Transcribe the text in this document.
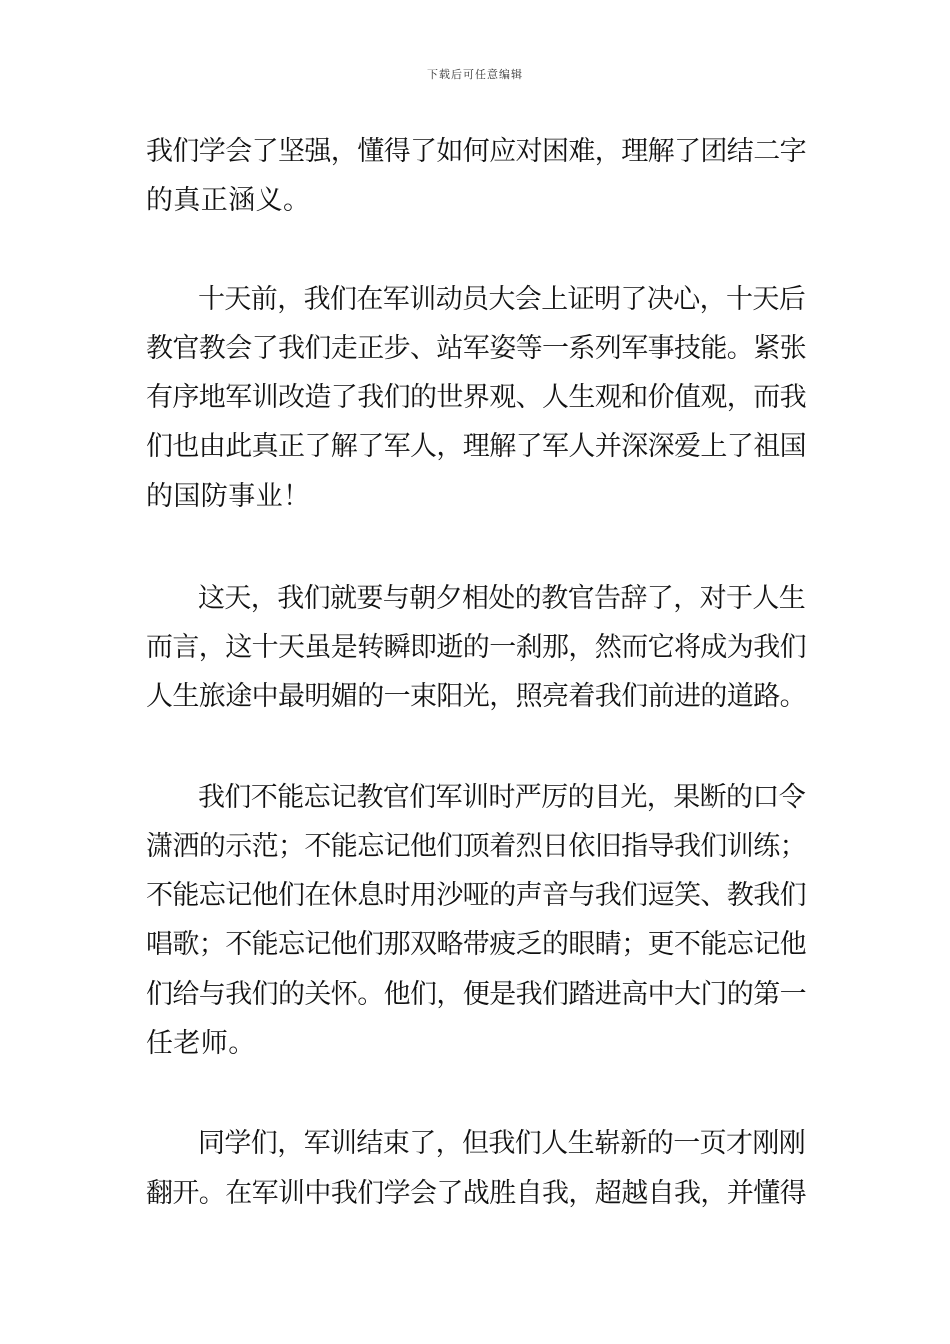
下载后可任意编辑
我们学会了坚强，懂得了如何应对困难，理解了团结二字
的真正涵义。
十天前，我们在军训动员大会上证明了决心，十天后
教官教会了我们走正步、站军姿等一系列军事技能。紧张
有序地军训改造了我们的世界观、人生观和价值观，而我
们也由此真正了解了军人，理解了军人并深深爱上了祖国
的国防事业！
这天，我们就要与朝夕相处的教官告辞了，对于人生
而言，这十天虽是转瞬即逝的一刹那，然而它将成为我们
人生旅途中最明媚的一束阳光，照亮着我们前进的道路。
我们不能忘记教官们军训时严厉的目光，果断的口令
潇洒的示范；不能忘记他们顶着烈日依旧指导我们训练；
不能忘记他们在休息时用沙哑的声音与我们逗笑、教我们
唱歌；不能忘记他们那双略带疲乏的眼睛；更不能忘记他
们给与我们的关怀。他们，便是我们踏进高中大门的第一
任老师。
同学们，军训结束了，但我们人生崭新的一页才刚刚
翻开。在军训中我们学会了战胜自我，超越自我，并懂得
